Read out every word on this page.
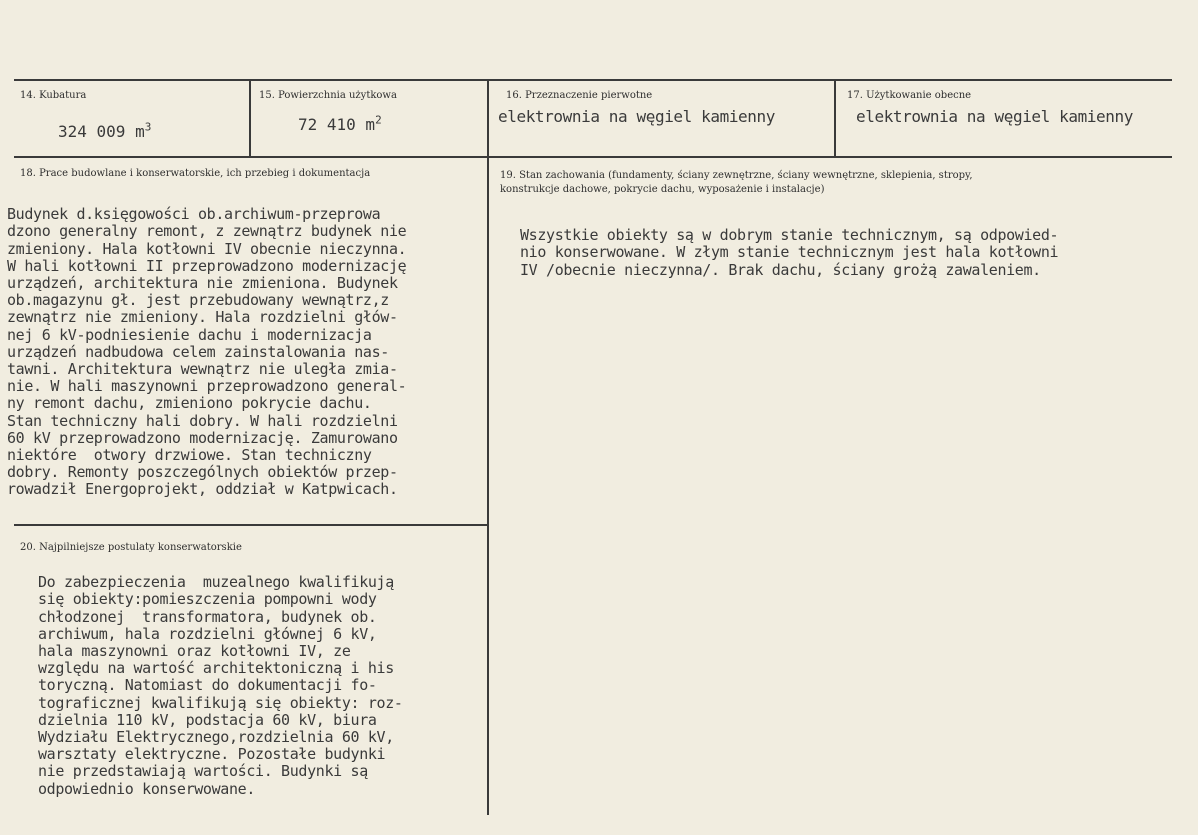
14. Kubatura
324 009 $m^3$
15. Powierzchnia użytkowa
72 410 $m^2$
16. Przeznaczenie pierwotne
elektrownia na węgiel kamienny
17. Użytkowanie obecne
elektrownia na węgiel kamienny
18. Prace budowlane i konserwatorskie, ich przebieg i dokumentacja

Budynek d.księgowości ob.archiwum-przeprowa
dzono generalny remont, z zewnątrz budynek nie
zmieniony. Hala kotłowni IV obecnie nieczynna.
W hali kotłowni II przeprowadzono modernizację
urządzeń, architektura nie zmieniona. Budynek
ob.magazynu gł. jest przebudowany wewnątrz,z
zewnątrz nie zmieniony. Hala rozdzielni głów-
nej 6 kV-podniesienie dachu i modernizacja
urządzeń nadbudowa celem zainstalowania nas-
tawni. Architektura wewnątrz nie uległa zmia-
nie. W hali maszynowni przeprowadzono general-
ny remont dachu, zmieniono pokrycie dachu.
Stan techniczny hali dobry. W hali rozdzielni
60 kV przeprowadzono modernizację. Zamurowano
niektóre  otwory drzwiowe. Stan techniczny
dobry. Remonty poszczególnych obiektów przep-
rowadził Energoprojekt, oddział w Katpwicach.

19. Stan zachowania (fundamenty, ściany zewnętrzne, ściany wewnętrzne, sklepienia, stropy,
konstrukcje dachowe, pokrycie dachu, wyposażenie i instalacje)

Wszystkie obiekty są w dobrym stanie technicznym, są odpowied-
nio konserwowane. W złym stanie technicznym jest hala kotłowni
IV /obecnie nieczynna/. Brak dachu, ściany grożą zawaleniem.

20. Najpilniejsze postulaty konserwatorskie

Do zabezpieczenia  muzealnego kwalifikują
się obiekty:pomieszczenia pompowni wody
chłodzonej  transformatora, budynek ob.
archiwum, hala rozdzielni głównej 6 kV,
hala maszynowni oraz kotłowni IV, ze
względu na wartość architektoniczną i his
toryczną. Natomiast do dokumentacji fo-
tograficznej kwalifikują się obiekty: roz-
dzielnia 110 kV, podstacja 60 kV, biura
Wydziału Elektrycznego,rozdzielnia 60 kV,
warsztaty elektryczne. Pozostałe budynki
nie przedstawiają wartości. Budynki są
odpowiednio konserwowane.
